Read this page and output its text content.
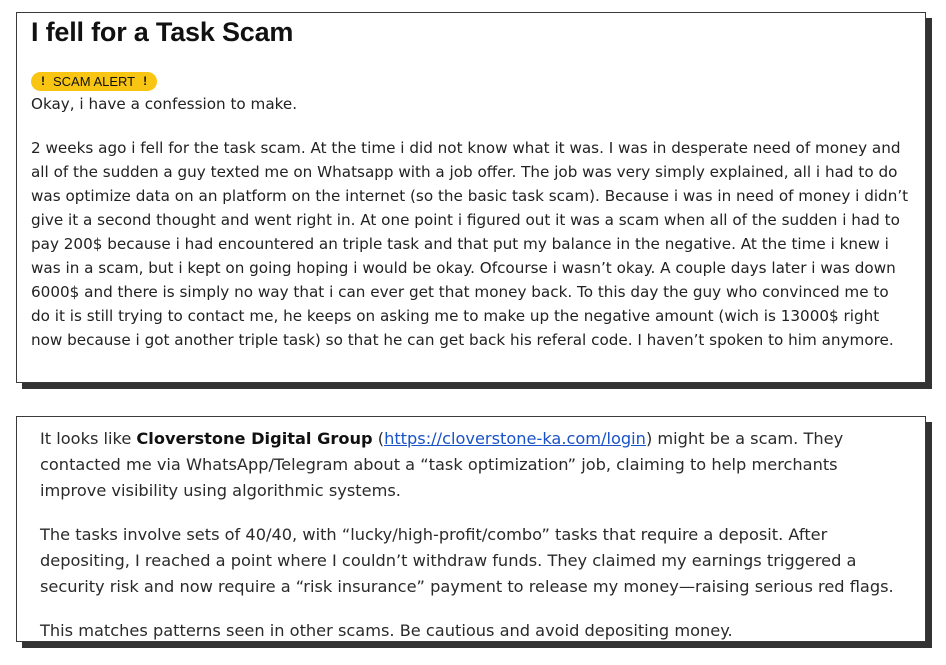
I fell for a Task Scam
! SCAM ALERT !

Okay, i have a confession to make.

2 weeks ago i fell for the task scam. At the time i did not know what it was. I was in desperate need of money and all of the sudden a guy texted me on Whatsapp with a job offer. The job was very simply explained, all i had to do was optimize data on an platform on the internet (so the basic task scam). Because i was in need of money i didn’t give it a second thought and went right in. At one point i figured out it was a scam when all of the sudden i had to pay 200$ because i had encountered an triple task and that put my balance in the negative. At the time i knew i was in a scam, but i kept on going hoping i would be okay. Ofcourse i wasn’t okay. A couple days later i was down 6000$ and there is simply no way that i can ever get that money back. To this day the guy who convinced me to do it is still trying to contact me, he keeps on asking me to make up the negative amount (wich is 13000$ right now because i got another triple task) so that he can get back his referal code. I haven’t spoken to him anymore.

It looks like Cloverstone Digital Group (https://cloverstone-ka.com/login) might be a scam. They contacted me via WhatsApp/Telegram about a “task optimization” job, claiming to help merchants improve visibility using algorithmic systems.

The tasks involve sets of 40/40, with “lucky/high-profit/combo” tasks that require a deposit. After depositing, I reached a point where I couldn’t withdraw funds. They claimed my earnings triggered a security risk and now require a “risk insurance” payment to release my money—raising serious red flags.

This matches patterns seen in other scams. Be cautious and avoid depositing money.
